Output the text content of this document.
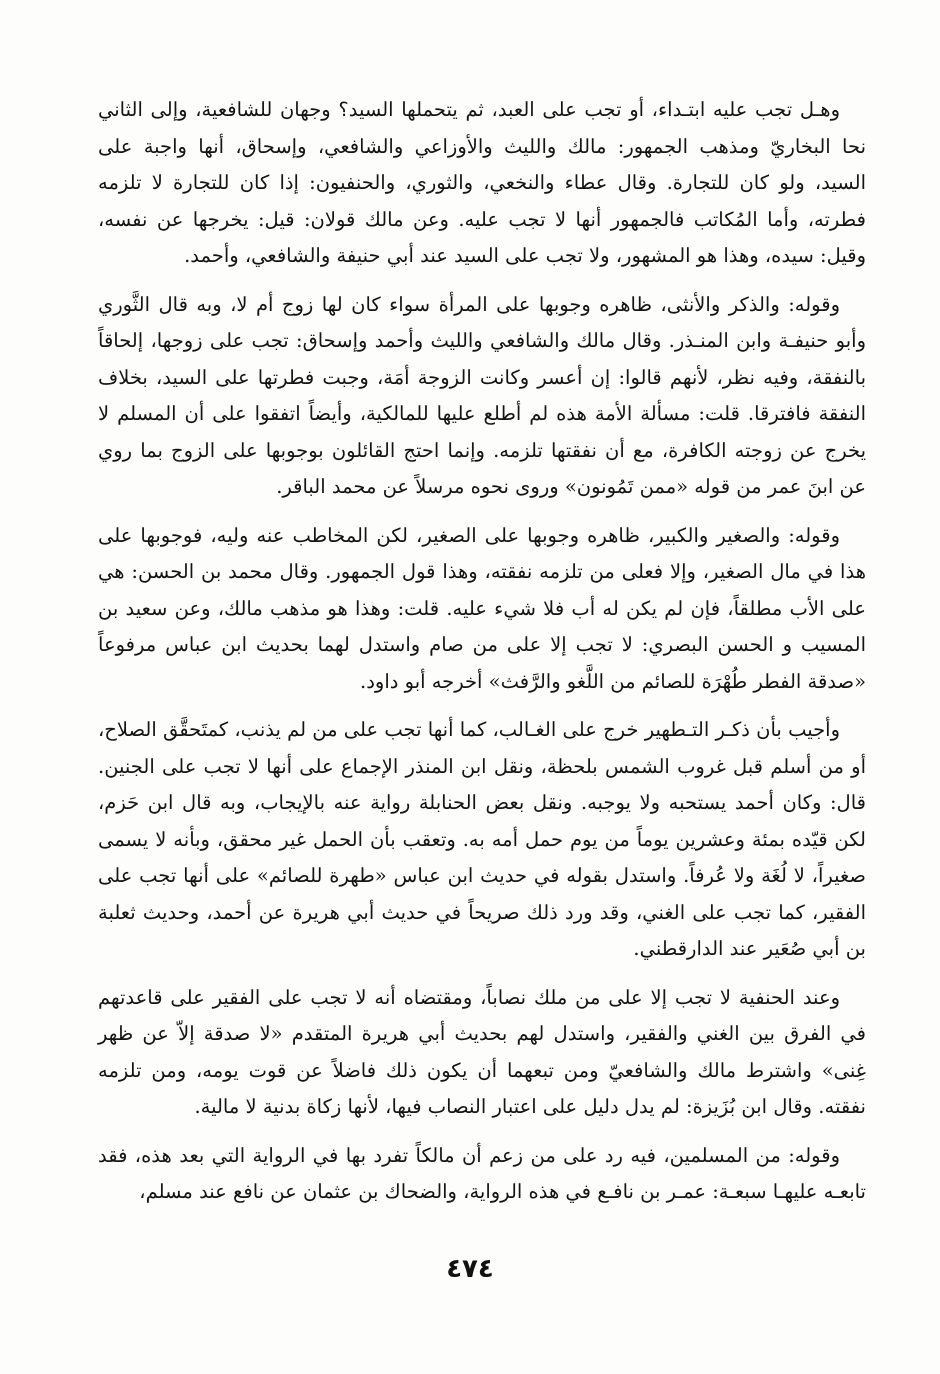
وهـل تجب عليه ابتـداء، أو تجب على العبد، ثم يتحملها السيد؟ وجهان للشافعية، وإلى الثاني نحا البخاريّ ومذهب الجمهور: مالك والليث والأوزاعي والشافعي، وإسحاق، أنها واجبة على السيد، ولو كان للتجارة. وقال عطاء والنخعي، والثوري، والحنفيون: إذا كان للتجارة لا تلزمه فطرته، وأما المُكاتب فالجمهور أنها لا تجب عليه. وعن مالك قولان: قيل: يخرجها عن نفسه، وقيل: سيده، وهذا هو المشهور، ولا تجب على السيد عند أبي حنيفة والشافعي، وأحمد.

وقوله: والذكر والأنثى، ظاهره وجوبها على المرأة سواء كان لها زوج أم لا، وبه قال الثَّوري وأبو حنيفـة وابن المنـذر. وقال مالك والشافعي والليث وأحمد وإسحاق: تجب على زوجها، إلحاقاً بالنفقة، وفيه نظر، لأنهم قالوا: إن أعسر وكانت الزوجة أمَة، وجبت فطرتها على السيد، بخلاف النفقة فافترقا. قلت: مسألة الأمة هذه لم أطلع عليها للمالكية، وأيضاً اتفقوا على أن المسلم لا يخرج عن زوجته الكافرة، مع أن نفقتها تلزمه. وإنما احتج القائلون بوجوبها على الزوج بما روي عن ابنَ عمر من قوله «ممن تَمُونون» وروى نحوه مرسلاً عن محمد الباقر.

وقوله: والصغير والكبير، ظاهره وجوبها على الصغير، لكن المخاطب عنه وليه، فوجوبها على هذا في مال الصغير، وإلا فعلى من تلزمه نفقته، وهذا قول الجمهور. وقال محمد بن الحسن: هي على الأب مطلقاً، فإن لم يكن له أب فلا شيء عليه. قلت: وهذا هو مذهب مالك، وعن سعيد بن المسيب و الحسن البصري: لا تجب إلا على من صام واستدل لهما بحديث ابن عباس مرفوعاً «صدقة الفطر طُهْرَة للصائم من اللَّغو والرَّفث» أخرجه أبو داود.

وأجيب بأن ذكـر التـطهير خرج على الغـالب، كما أنها تجب على من لم يذنب، كمتَحقَّق الصلاح، أو من أسلم قبل غروب الشمس بلحظة، ونقل ابن المنذر الإجماع على أنها لا تجب على الجنين. قال: وكان أحمد يستحبه ولا يوجبه. ونقل بعض الحنابلة رواية عنه بالإيجاب، وبه قال ابن حَزم، لكن قيّده بمئة وعشرين يوماً من يوم حمل أمه به. وتعقب بأن الحمل غير محقق، وبأنه لا يسمى صغيراً، لا لُغَة ولا عُرفاً. واستدل بقوله في حديث ابن عباس «طهرة للصائم» على أنها تجب على الفقير، كما تجب على الغني، وقد ورد ذلك صريحاً في حديث أبي هريرة عن أحمد، وحديث ثعلبة بن أبي صُعَير عند الدارقطني.

وعند الحنفية لا تجب إلا على من ملك نصاباً، ومقتضاه أنه لا تجب على الفقير على قاعدتهم في الفرق بين الغني والفقير، واستدل لهم بحديث أبي هريرة المتقدم «لا صدقة إلاّ عن ظهر غِنى» واشترط مالك والشافعيّ ومن تبعهما أن يكون ذلك فاضلاً عن قوت يومه، ومن تلزمه نفقته. وقال ابن بُزَيزة: لم يدل دليل على اعتبار النصاب فيها، لأنها زكاة بدنية لا مالية.

وقوله: من المسلمين، فيه رد على من زعم أن مالكاً تفرد بها في الرواية التي بعد هذه، فقد تابعـه عليهـا سبعـة: عمـر بن نافـع في هذه الرواية، والضحاك بن عثمان عن نافع عند مسلم،

٤٧٤
